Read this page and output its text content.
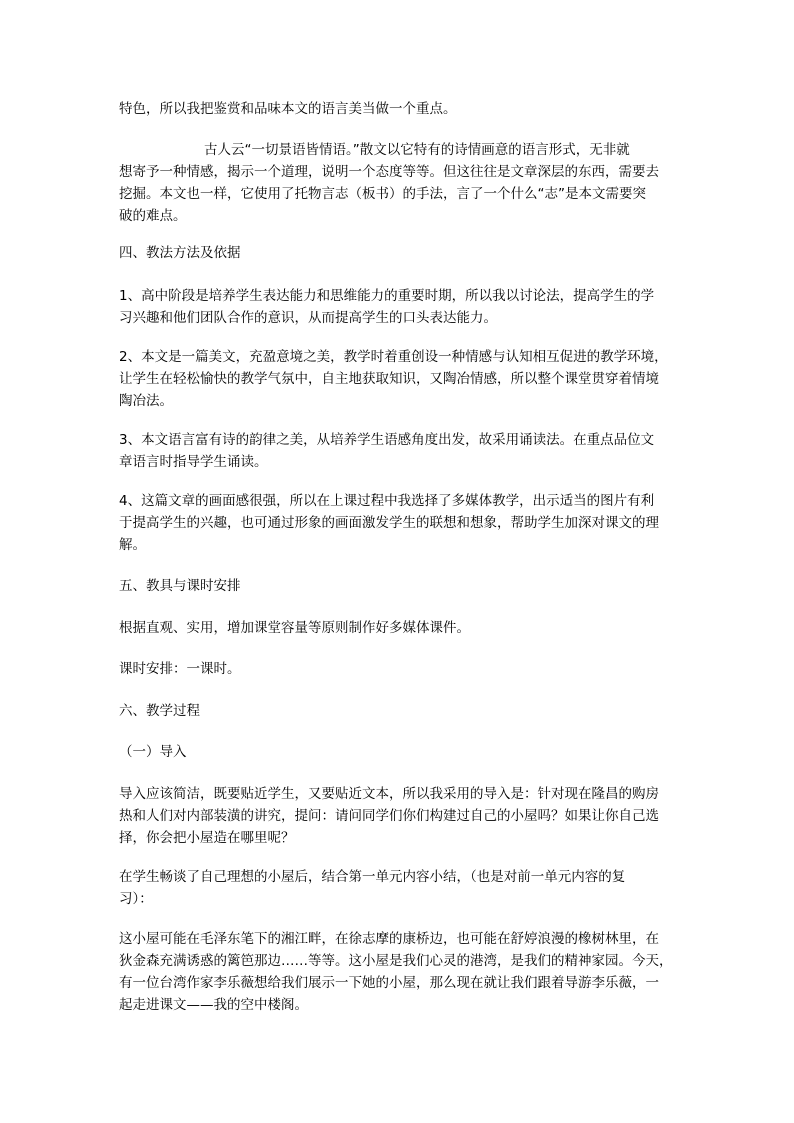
特色，所以我把鉴赏和品味本文的语言美当做一个重点。

古人云“一切景语皆情语。”散文以它特有的诗情画意的语言形式，无非就
想寄予一种情感，揭示一个道理，说明一个态度等等。但这往往是文章深层的东西，需要去
挖掘。本文也一样，它使用了托物言志（板书）的手法，言了一个什么“志”是本文需要突
破的难点。

四、教法方法及依据

1、高中阶段是培养学生表达能力和思维能力的重要时期，所以我以讨论法，提高学生的学
习兴趣和他们团队合作的意识，从而提高学生的口头表达能力。

2、本文是一篇美文，充盈意境之美，教学时着重创设一种情感与认知相互促进的教学环境，
让学生在轻松愉快的教学气氛中，自主地获取知识，又陶冶情感，所以整个课堂贯穿着情境
陶冶法。

3、本文语言富有诗的韵律之美，从培养学生语感角度出发，故采用诵读法。在重点品位文
章语言时指导学生诵读。

4、这篇文章的画面感很强，所以在上课过程中我选择了多媒体教学，出示适当的图片有利
于提高学生的兴趣，也可通过形象的画面激发学生的联想和想象，帮助学生加深对课文的理
解。

五、教具与课时安排

根据直观、实用，增加课堂容量等原则制作好多媒体课件。

课时安排：一课时。

六、教学过程

（一）导入

导入应该简洁，既要贴近学生，又要贴近文本，所以我采用的导入是：针对现在隆昌的购房
热和人们对内部装潢的讲究，提问：请问同学们你们构建过自己的小屋吗？如果让你自己选
择，你会把小屋造在哪里呢？

在学生畅谈了自己理想的小屋后，结合第一单元内容小结，（也是对前一单元内容的复
习）：

这小屋可能在毛泽东笔下的湘江畔，在徐志摩的康桥边，也可能在舒婷浪漫的橡树林里，在
狄金森充满诱惑的篱笆那边……等等。这小屋是我们心灵的港湾，是我们的精神家园。今天，
有一位台湾作家李乐薇想给我们展示一下她的小屋，那么现在就让我们跟着导游李乐薇，一
起走进课文——我的空中楼阁。
